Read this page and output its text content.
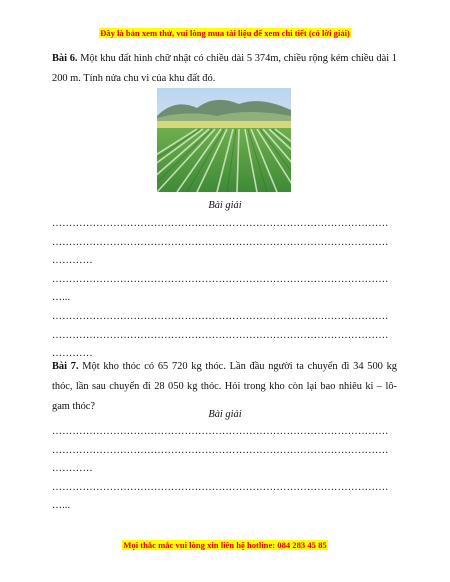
Đây là bản xem thử, vui lòng mua tài liệu để xem chi tiết (có lời giải)
Bài 6. Một khu đất hình chữ nhật có chiều dài 5 374m, chiều rộng kém chiều dài 1 200 m. Tính nửa chu vi của khu đất đó.
Bài giải
………………………………………………………………………………………
………………………………………………………………………………………
…………
………………………………………………………………………………………
…...
………………………………………………………………………………………
………………………………………………………………………………………
…………
Bài 7. Một kho thóc có 65 720 kg thóc. Lần đầu người ta chuyển đi 34 500 kg thóc, lần sau chuyển đi 28 050 kg thóc. Hỏi trong kho còn lại bao nhiêu ki – lô-gam thóc?
Bài giải
………………………………………………………………………………………
………………………………………………………………………………………
…………
………………………………………………………………………………………
…...
Mọi thắc mắc vui lòng xin liên hệ hotline: 084 283 45 85
